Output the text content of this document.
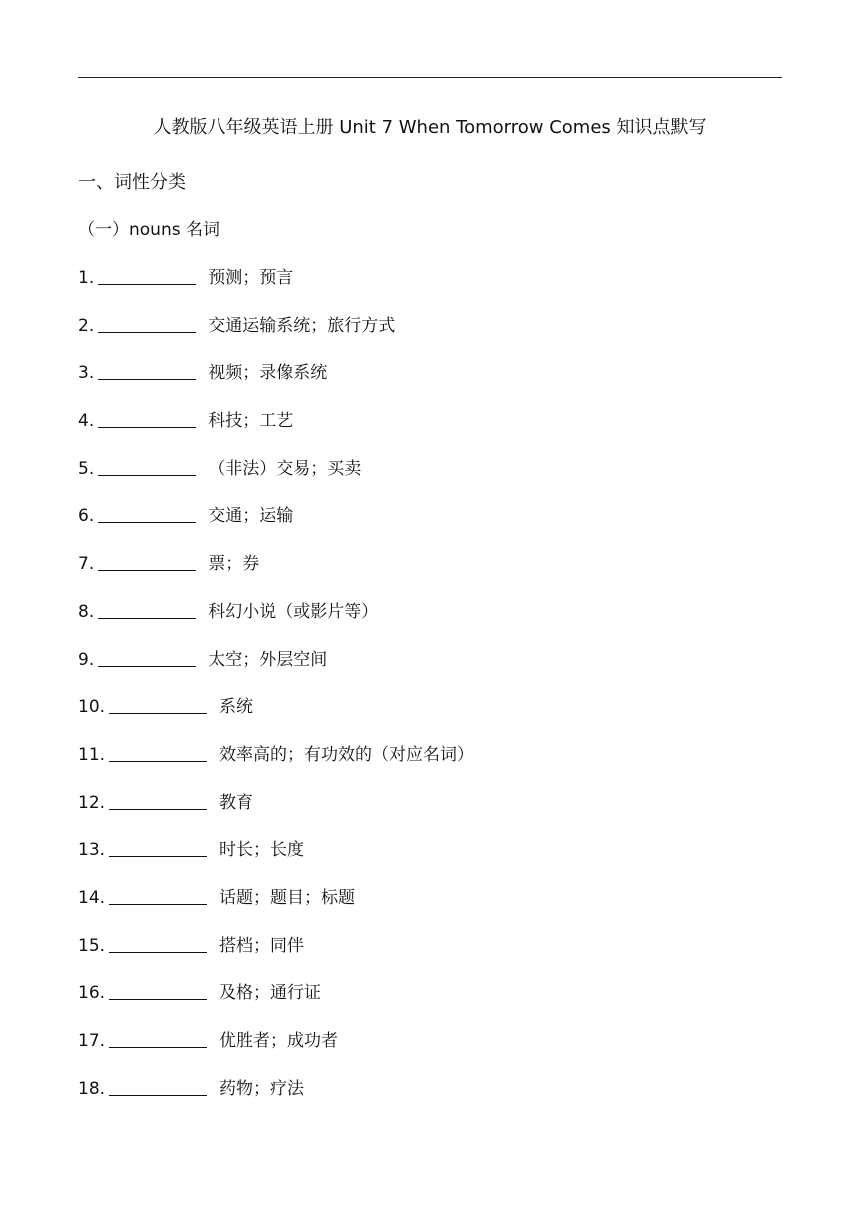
人教版八年级英语上册 Unit 7 When Tomorrow Comes 知识点默写
一、词性分类
（一）nouns 名词
1.	预测；预言
2.	交通运输系统；旅行方式
3.	视频；录像系统
4.	科技；工艺
5.	（非法）交易；买卖
6.	交通；运输
7.	票；券
8.	科幻小说（或影片等）
9.	太空；外层空间
10.	系统
11.	效率高的；有功效的（对应名词）
12.	教育
13.	时长；长度
14.	话题；题目；标题
15.	搭档；同伴
16.	及格；通行证
17.	优胜者；成功者
18.	药物；疗法
